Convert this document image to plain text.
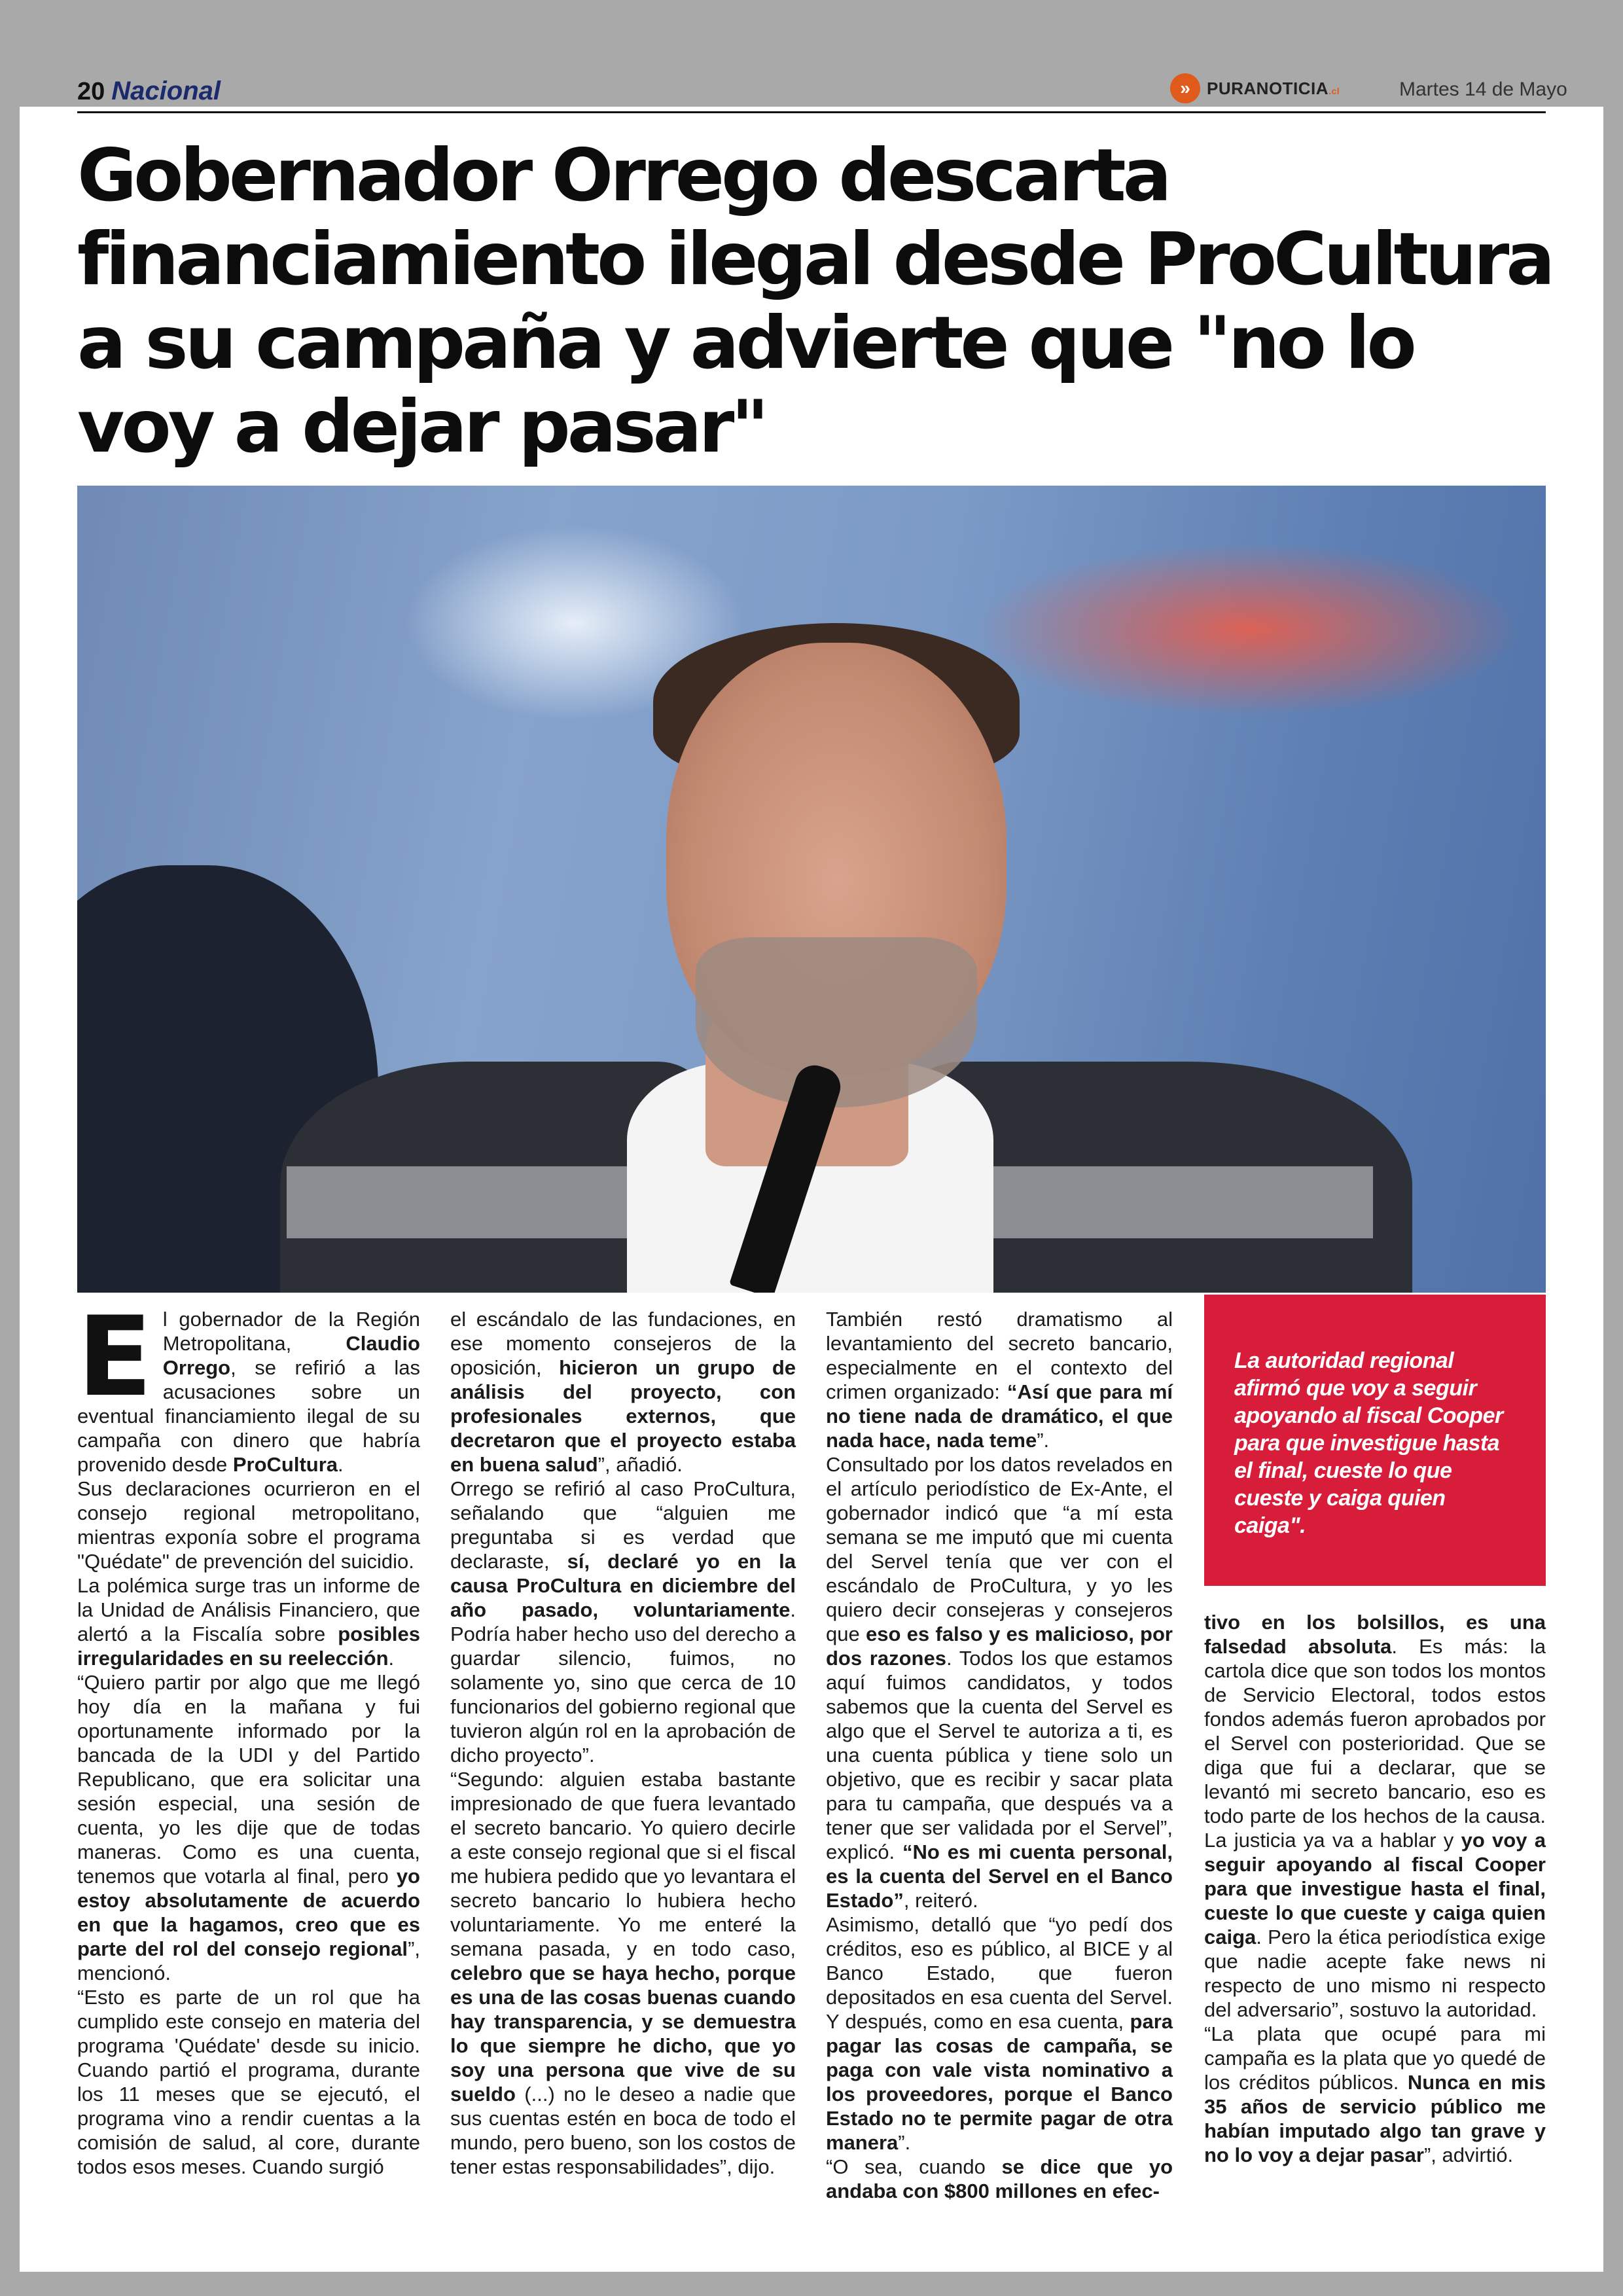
20 Nacional	» PURANOTICIA.cl	Martes 14 de Mayo
Gobernador Orrego descarta financiamiento ilegal desde ProCultura a su campaña y advierte que "no lo voy a dejar pasar"

El gobernador de la Región Metropolitana, Claudio Orrego, se refirió a las acusaciones sobre un eventual financiamiento ilegal de su campaña con dinero que habría provenido desde ProCultura.

Sus declaraciones ocurrieron en el consejo regional metropolitano, mientras exponía sobre el programa "Quédate" de prevención del suicidio.

La polémica surge tras un informe de la Unidad de Análisis Financiero, que alertó a la Fiscalía sobre posibles irregularidades en su reelección.

“Quiero partir por algo que me llegó hoy día en la mañana y fui oportunamente informado por la bancada de la UDI y del Partido Republicano, que era solicitar una sesión especial, una sesión de cuenta, yo les dije que de todas maneras. Como es una cuenta, tenemos que votarla al final, pero yo estoy absolutamente de acuerdo en que la hagamos, creo que es parte del rol del consejo regional”, mencionó.

“Esto es parte de un rol que ha cumplido este consejo en materia del programa 'Quédate' desde su inicio. Cuando partió el programa, durante los 11 meses que se ejecutó, el programa vino a rendir cuentas a la comisión de salud, al core, durante todos esos meses. Cuando surgió

el escándalo de las fundaciones, en ese momento consejeros de la oposición, hicieron un grupo de análisis del proyecto, con profesionales externos, que decretaron que el proyecto estaba en buena salud”, añadió.

Orrego se refirió al caso ProCultura, señalando que “alguien me preguntaba si es verdad que declaraste, sí, declaré yo en la causa ProCultura en diciembre del año pasado, voluntariamente. Podría haber hecho uso del derecho a guardar silencio, fuimos, no solamente yo, sino que cerca de 10 funcionarios del gobierno regional que tuvieron algún rol en la aprobación de dicho proyecto”.

“Segundo: alguien estaba bastante impresionado de que fuera levantado el secreto bancario. Yo quiero decirle a este consejo regional que si el fiscal me hubiera pedido que yo levantara el secreto bancario lo hubiera hecho voluntariamente. Yo me enteré la semana pasada, y en todo caso, celebro que se haya hecho, porque es una de las cosas buenas cuando hay transparencia, y se demuestra lo que siempre he dicho, que yo soy una persona que vive de su sueldo (...) no le deseo a nadie que sus cuentas estén en boca de todo el mundo, pero bueno, son los costos de tener estas responsabilidades”, dijo.

También restó dramatismo al levantamiento del secreto bancario, especialmente en el contexto del crimen organizado: “Así que para mí no tiene nada de dramático, el que nada hace, nada teme”.

Consultado por los datos revelados en el artículo periodístico de Ex-Ante, el gobernador indicó que “a mí esta semana se me imputó que mi cuenta del Servel tenía que ver con el escándalo de ProCultura, y yo les quiero decir consejeras y consejeros que eso es falso y es malicioso, por dos razones. Todos los que estamos aquí fuimos candidatos, y todos sabemos que la cuenta del Servel es algo que el Servel te autoriza a ti, es una cuenta pública y tiene solo un objetivo, que es recibir y sacar plata para tu campaña, que después va a tener que ser validada por el Servel”, explicó. “No es mi cuenta personal, es la cuenta del Servel en el Banco Estado”, reiteró.

Asimismo, detalló que “yo pedí dos créditos, eso es público, al BICE y al Banco Estado, que fueron depositados en esa cuenta del Servel. Y después, como en esa cuenta, para pagar las cosas de campaña, se paga con vale vista nominativo a los proveedores, porque el Banco Estado no te permite pagar de otra manera”.

“O sea, cuando se dice que yo andaba con $800 millones en efec-

La autoridad regional afirmó que voy a seguir apoyando al fiscal Cooper para que investigue hasta el final, cueste lo que cueste y caiga quien caiga".

tivo en los bolsillos, es una falsedad absoluta. Es más: la cartola dice que son todos los montos de Servicio Electoral, todos estos fondos además fueron aprobados por el Servel con posterioridad. Que se diga que fui a declarar, que se levantó mi secreto bancario, eso es todo parte de los hechos de la causa. La justicia ya va a hablar y yo voy a seguir apoyando al fiscal Cooper para que investigue hasta el final, cueste lo que cueste y caiga quien caiga. Pero la ética periodística exige que nadie acepte fake news ni respecto de uno mismo ni respecto del adversario”, sostuvo la autoridad.

“La plata que ocupé para mi campaña es la plata que yo quedé de los créditos públicos. Nunca en mis 35 años de servicio público me habían imputado algo tan grave y no lo voy a dejar pasar”, advirtió.
